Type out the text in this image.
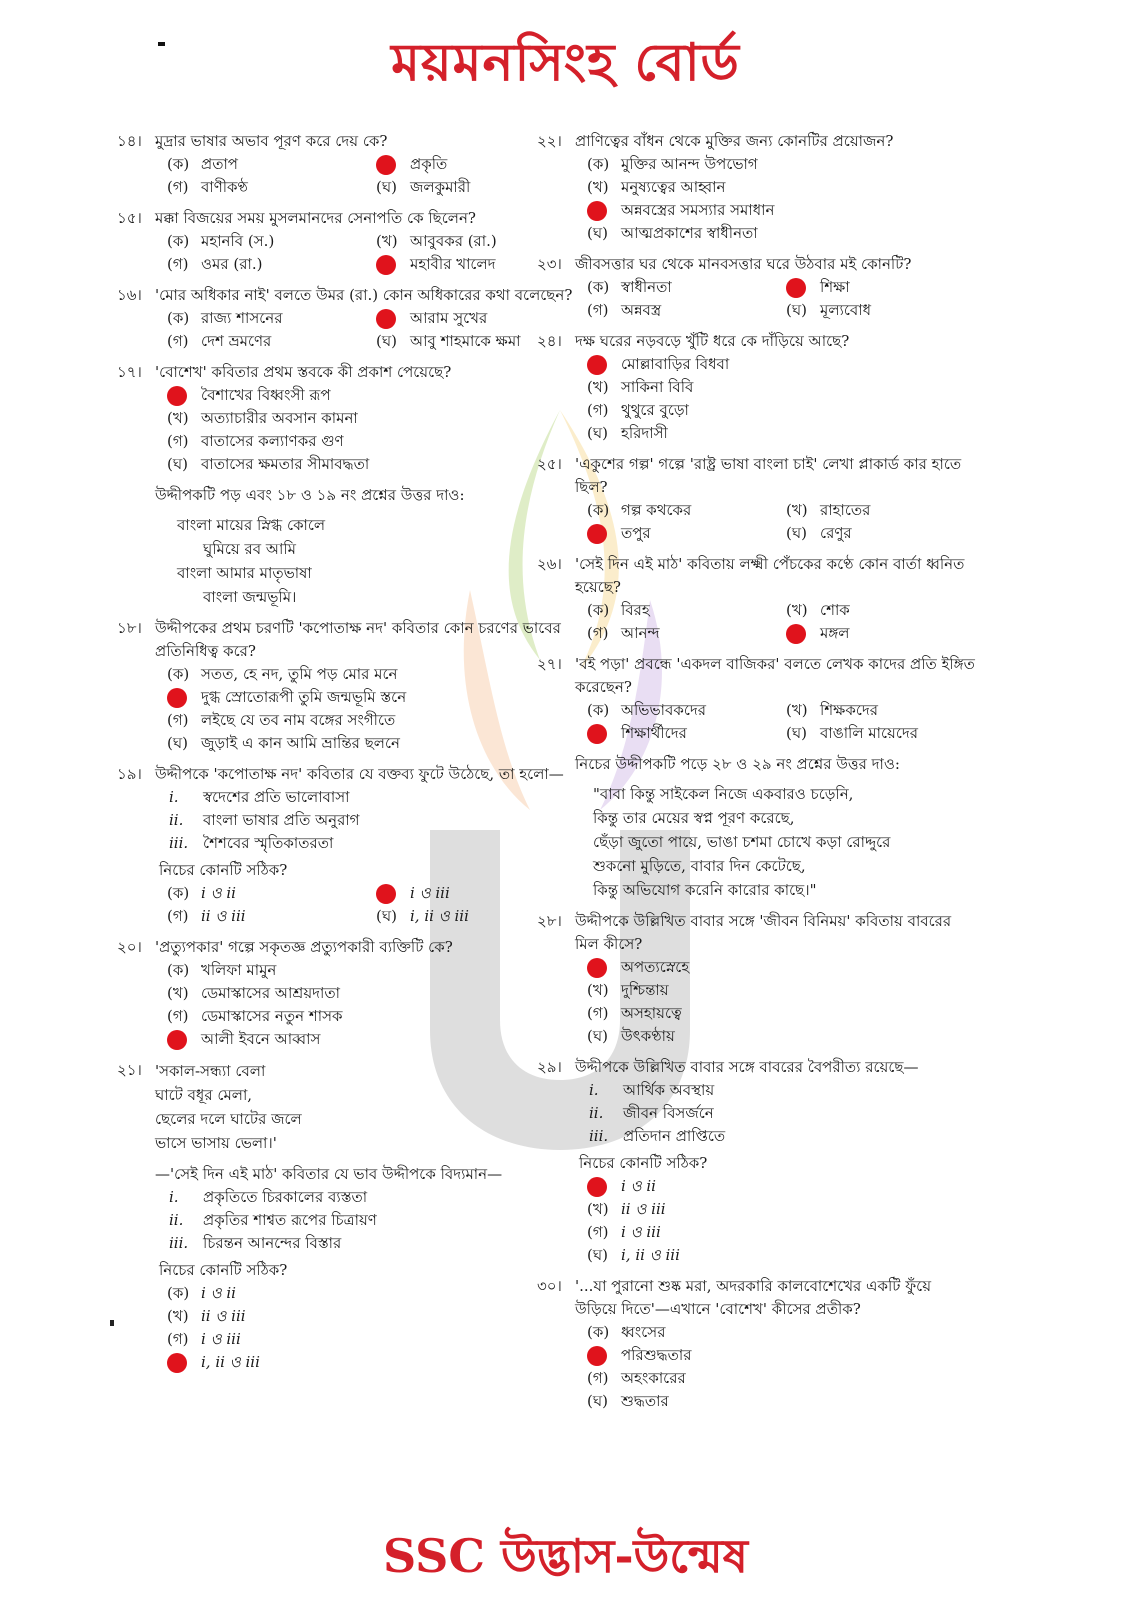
ময়মনসিংহ বোর্ড
১৪। মুদ্রার ভাষার অভাব পূরণ করে দেয় কে?
(ক) প্রতাপ	প্রকৃতি
(গ) বাণীকণ্ঠ	(ঘ) জলকুমারী
১৫। মক্কা বিজয়ের সময় মুসলমানদের সেনাপতি কে ছিলেন?
(ক) মহানবি (স.)	(খ) আবুবকর (রা.)
(গ) ওমর (রা.)	মহাবীর খালেদ
১৬। 'মোর অধিকার নাই' বলতে উমর (রা.) কোন অধিকারের কথা বলেছেন?
(ক) রাজ্য শাসনের	আরাম সুখের
(গ) দেশ ভ্রমণের	(ঘ) আবু শাহমাকে ক্ষমা
১৭। 'বোশেখ' কবিতার প্রথম স্তবকে কী প্রকাশ পেয়েছে?
বৈশাখের বিধ্বংসী রূপ
(খ) অত্যাচারীর অবসান কামনা
(গ) বাতাসের কল্যাণকর গুণ
(ঘ) বাতাসের ক্ষমতার সীমাবদ্ধতা
উদ্দীপকটি পড় এবং ১৮ ও ১৯ নং প্রশ্নের উত্তর দাও:
বাংলা মায়ের স্নিগ্ধ কোলে
ঘুমিয়ে রব আমি
বাংলা আমার মাতৃভাষা
বাংলা জন্মভূমি।
১৮। উদ্দীপকের প্রথম চরণটি 'কপোতাক্ষ নদ' কবিতার কোন চরণের ভাবের প্রতিনিধিত্ব করে?
(ক) সতত, হে নদ, তুমি পড় মোর মনে
দুগ্ধ স্রোতোরূপী তুমি জন্মভূমি স্তনে
(গ) লইছে যে তব নাম বঙ্গের সংগীতে
(ঘ) জুড়াই এ কান আমি ভ্রান্তির ছলনে
১৯। উদ্দীপকে 'কপোতাক্ষ নদ' কবিতার যে বক্তব্য ফুটে উঠেছে, তা হলো—
i. স্বদেশের প্রতি ভালোবাসা
ii. বাংলা ভাষার প্রতি অনুরাগ
iii. শৈশবের স্মৃতিকাতরতা
নিচের কোনটি সঠিক?
(ক) i ও ii	i ও iii
(গ) ii ও iii	(ঘ) i, ii ও iii
২০। 'প্রত্যুপকার' গল্পে সকৃতজ্ঞ প্রত্যুপকারী ব্যক্তিটি কে?
(ক) খলিফা মামুন
(খ) ডেমাস্কাসের আশ্রয়দাতা
(গ) ডেমাস্কাসের নতুন শাসক
আলী ইবনে আব্বাস
২১। 'সকাল-সন্ধ্যা বেলা
ঘাটে বধূর মেলা,
ছেলের দলে ঘাটের জলে
ভাসে ভাসায় ভেলা।'
—'সেই দিন এই মাঠ' কবিতার যে ভাব উদ্দীপকে বিদ্যমান—
i. প্রকৃতিতে চিরকালের ব্যস্ততা
ii. প্রকৃতির শাশ্বত রূপের চিত্রায়ণ
iii. চিরন্তন আনন্দের বিস্তার
নিচের কোনটি সঠিক?
(ক) i ও ii
(খ) ii ও iii
(গ) i ও iii
i, ii ও iii
২২। প্রাণিত্বের বাঁধন থেকে মুক্তির জন্য কোনটির প্রয়োজন?
(ক) মুক্তির আনন্দ উপভোগ
(খ) মনুষ্যত্বের আহ্বান
অন্নবস্ত্রের সমস্যার সমাধান
(ঘ) আত্মপ্রকাশের স্বাধীনতা
২৩। জীবসত্তার ঘর থেকে মানবসত্তার ঘরে উঠবার মই কোনটি?
(ক) স্বাধীনতা	শিক্ষা
(গ) অন্নবস্ত্র	(ঘ) মূল্যবোধ
২৪। দক্ষ ঘরের নড়বড়ে খুঁটি ধরে কে দাঁড়িয়ে আছে?
মোল্লাবাড়ির বিধবা
(খ) সাকিনা বিবি
(গ) থুথুরে বুড়ো
(ঘ) হরিদাসী
২৫। 'একুশের গল্প' গল্পে 'রাষ্ট্র ভাষা বাংলা চাই' লেখা প্লাকার্ড কার হাতে ছিল?
(ক) গল্প কথকের	(খ) রাহাতের
তপুর	(ঘ) রেণুর
২৬। 'সেই দিন এই মাঠ' কবিতায় লক্ষ্মী পেঁচকের কণ্ঠে কোন বার্তা ধ্বনিত হয়েছে?
(ক) বিরহ	(খ) শোক
(গ) আনন্দ	মঙ্গল
২৭। 'বই পড়া' প্রবন্ধে 'একদল বাজিকর' বলতে লেখক কাদের প্রতি ইঙ্গিত করেছেন?
(ক) অভিভাবকদের	(খ) শিক্ষকদের
শিক্ষার্থীদের	(ঘ) বাঙালি মায়েদের
নিচের উদ্দীপকটি পড়ে ২৮ ও ২৯ নং প্রশ্নের উত্তর দাও:
"বাবা কিন্তু সাইকেল নিজে একবারও চড়েনি,
কিন্তু তার মেয়ের স্বপ্ন পূরণ করেছে,
ছেঁড়া জুতো পায়ে, ভাঙা চশমা চোখে কড়া রোদ্দুরে
শুকনো মুড়িতে, বাবার দিন কেটেছে,
কিন্তু অভিযোগ করেনি কারোর কাছে।"
২৮। উদ্দীপকে উল্লিখিত বাবার সঙ্গে 'জীবন বিনিময়' কবিতায় বাবরের মিল কীসে?
অপত্যস্নেহে
(খ) দুশ্চিন্তায়
(গ) অসহায়ত্বে
(ঘ) উৎকণ্ঠায়
২৯। উদ্দীপকে উল্লিখিত বাবার সঙ্গে বাবরের বৈপরীত্য রয়েছে—
i. আর্থিক অবস্থায়
ii. জীবন বিসর্জনে
iii. প্রতিদান প্রাপ্তিতে
নিচের কোনটি সঠিক?
i ও ii
(খ) ii ও iii
(গ) i ও iii
(ঘ) i, ii ও iii
৩০। '...যা পুরানো শুষ্ক মরা, অদরকারি কালবোশেখের একটি ফুঁয়ে উড়িয়ে দিতে'—এখানে 'বোশেখ' কীসের প্রতীক?
(ক) ধ্বংসের
পরিশুদ্ধতার
(গ) অহংকারের
(ঘ) শুদ্ধতার
SSC উদ্ভাস-উন্মেষ
